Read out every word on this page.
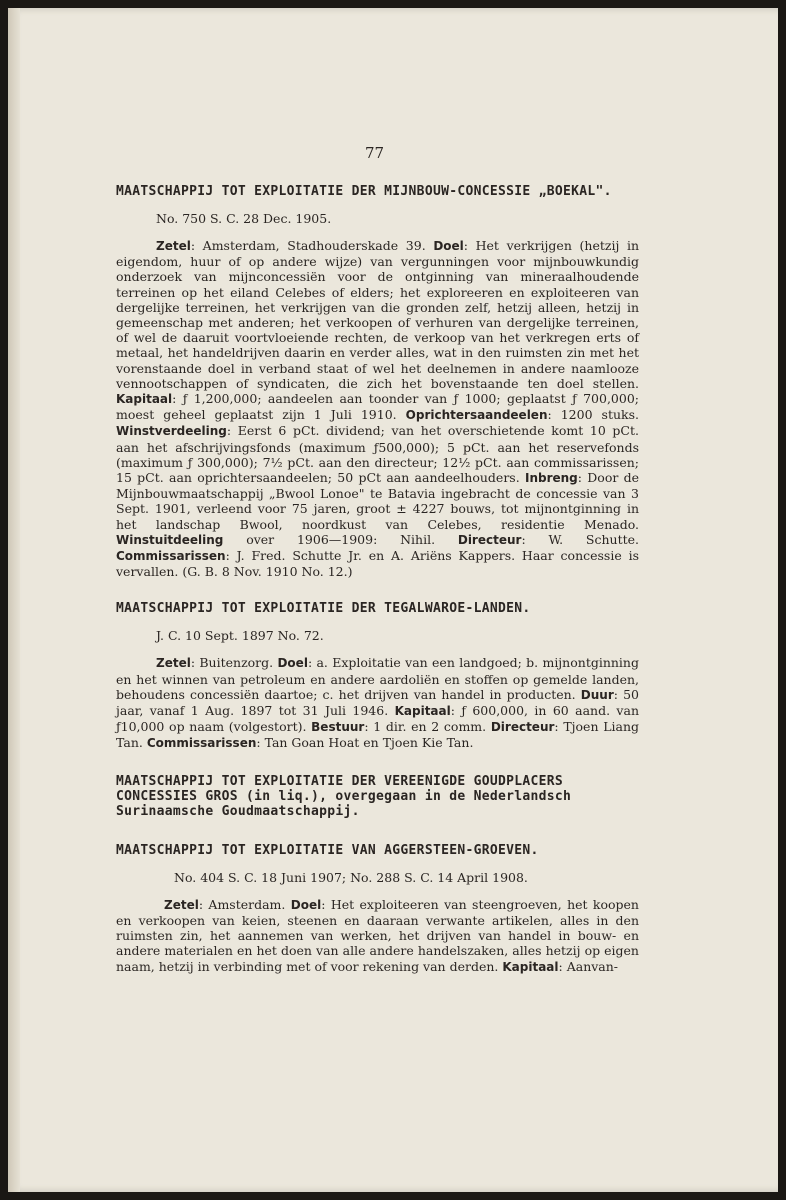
77
MAATSCHAPPIJ TOT EXPLOITATIE DER MIJNBOUW-CONCESSIE „BOEKAL".
No. 750 S. C. 28 Dec. 1905.

Zetel: Amsterdam, Stadhouderskade 39. Doel: Het verkrijgen (hetzij in eigendom, huur of op andere wijze) van vergunningen voor mijnbouwkundig onderzoek van mijnconcessiën voor de ontginning van mineraalhoudende terreinen op het eiland Celebes of elders; het exploreeren en exploiteeren van dergelijke terreinen, het verkrijgen van die gronden zelf, hetzij alleen, hetzij in gemeenschap met anderen; het verkoopen of verhuren van dergelijke terreinen, of wel de daaruit voortvloeiende rechten, de verkoop van het verkregen erts of metaal, het handeldrijven daarin en verder alles, wat in den ruimsten zin met het vorenstaande doel in verband staat of wel het deelnemen in andere naamlooze vennootschappen of syndicaten, die zich het bovenstaande ten doel stellen. Kapitaal: ƒ 1,200,000; aandeelen aan toonder van ƒ 1000; geplaatst ƒ 700,000; moest geheel geplaatst zijn 1 Juli 1910. Oprichtersaandeelen: 1200 stuks. Winstverdeeling: Eerst 6 pCt. dividend; van het overschietende komt 10 pCt. aan het afschrijvingsfonds (maximum ƒ500,000); 5 pCt. aan het reservefonds (maximum ƒ 300,000); 7½ pCt. aan den directeur; 12½ pCt. aan commissarissen; 15 pCt. aan oprichtersaandeelen; 50 pCt aan aandeelhouders. Inbreng: Door de Mijnbouwmaatschappij „Bwool Lonoe" te Batavia ingebracht de concessie van 3 Sept. 1901, verleend voor 75 jaren, groot ± 4227 bouws, tot mijnontginning in het landschap Bwool, noordkust van Celebes, residentie Menado. Winstuitdeeling over 1906—1909: Nihil. Directeur: W. Schutte. Commissarissen: J. Fred. Schutte Jr. en A. Ariëns Kappers. Haar concessie is vervallen. (G. B. 8 Nov. 1910 No. 12.)

MAATSCHAPPIJ TOT EXPLOITATIE DER TEGALWAROE-LANDEN.
J. C. 10 Sept. 1897 No. 72.

Zetel: Buitenzorg. Doel: a. Exploitatie van een landgoed; b. mijnontginning en het winnen van petroleum en andere aardoliën en stoffen op gemelde landen, behoudens concessiën daartoe; c. het drijven van handel in producten. Duur: 50 jaar, vanaf 1 Aug. 1897 tot 31 Juli 1946. Kapitaal: ƒ 600,000, in 60 aand. van ƒ10,000 op naam (volgestort). Bestuur: 1 dir. en 2 comm. Directeur: Tjoen Liang Tan. Commissarissen: Tan Goan Hoat en Tjoen Kie Tan.

MAATSCHAPPIJ TOT EXPLOITATIE DER VEREENIGDE GOUDPLACERS CONCESSIES GROS (in liq.), overgegaan in de Nederlandsch Surinaamsche Goudmaatschappij.
MAATSCHAPPIJ TOT EXPLOITATIE VAN AGGERSTEEN-GROEVEN.
No. 404 S. C. 18 Juni 1907; No. 288 S. C. 14 April 1908.

Zetel: Amsterdam. Doel: Het exploiteeren van steengroeven, het koopen en verkoopen van keien, steenen en daaraan verwante artikelen, alles in den ruimsten zin, het aannemen van werken, het drijven van handel in bouw- en andere materialen en het doen van alle andere handelszaken, alles hetzij op eigen naam, hetzij in verbinding met of voor rekening van derden. Kapitaal: Aanvan-
